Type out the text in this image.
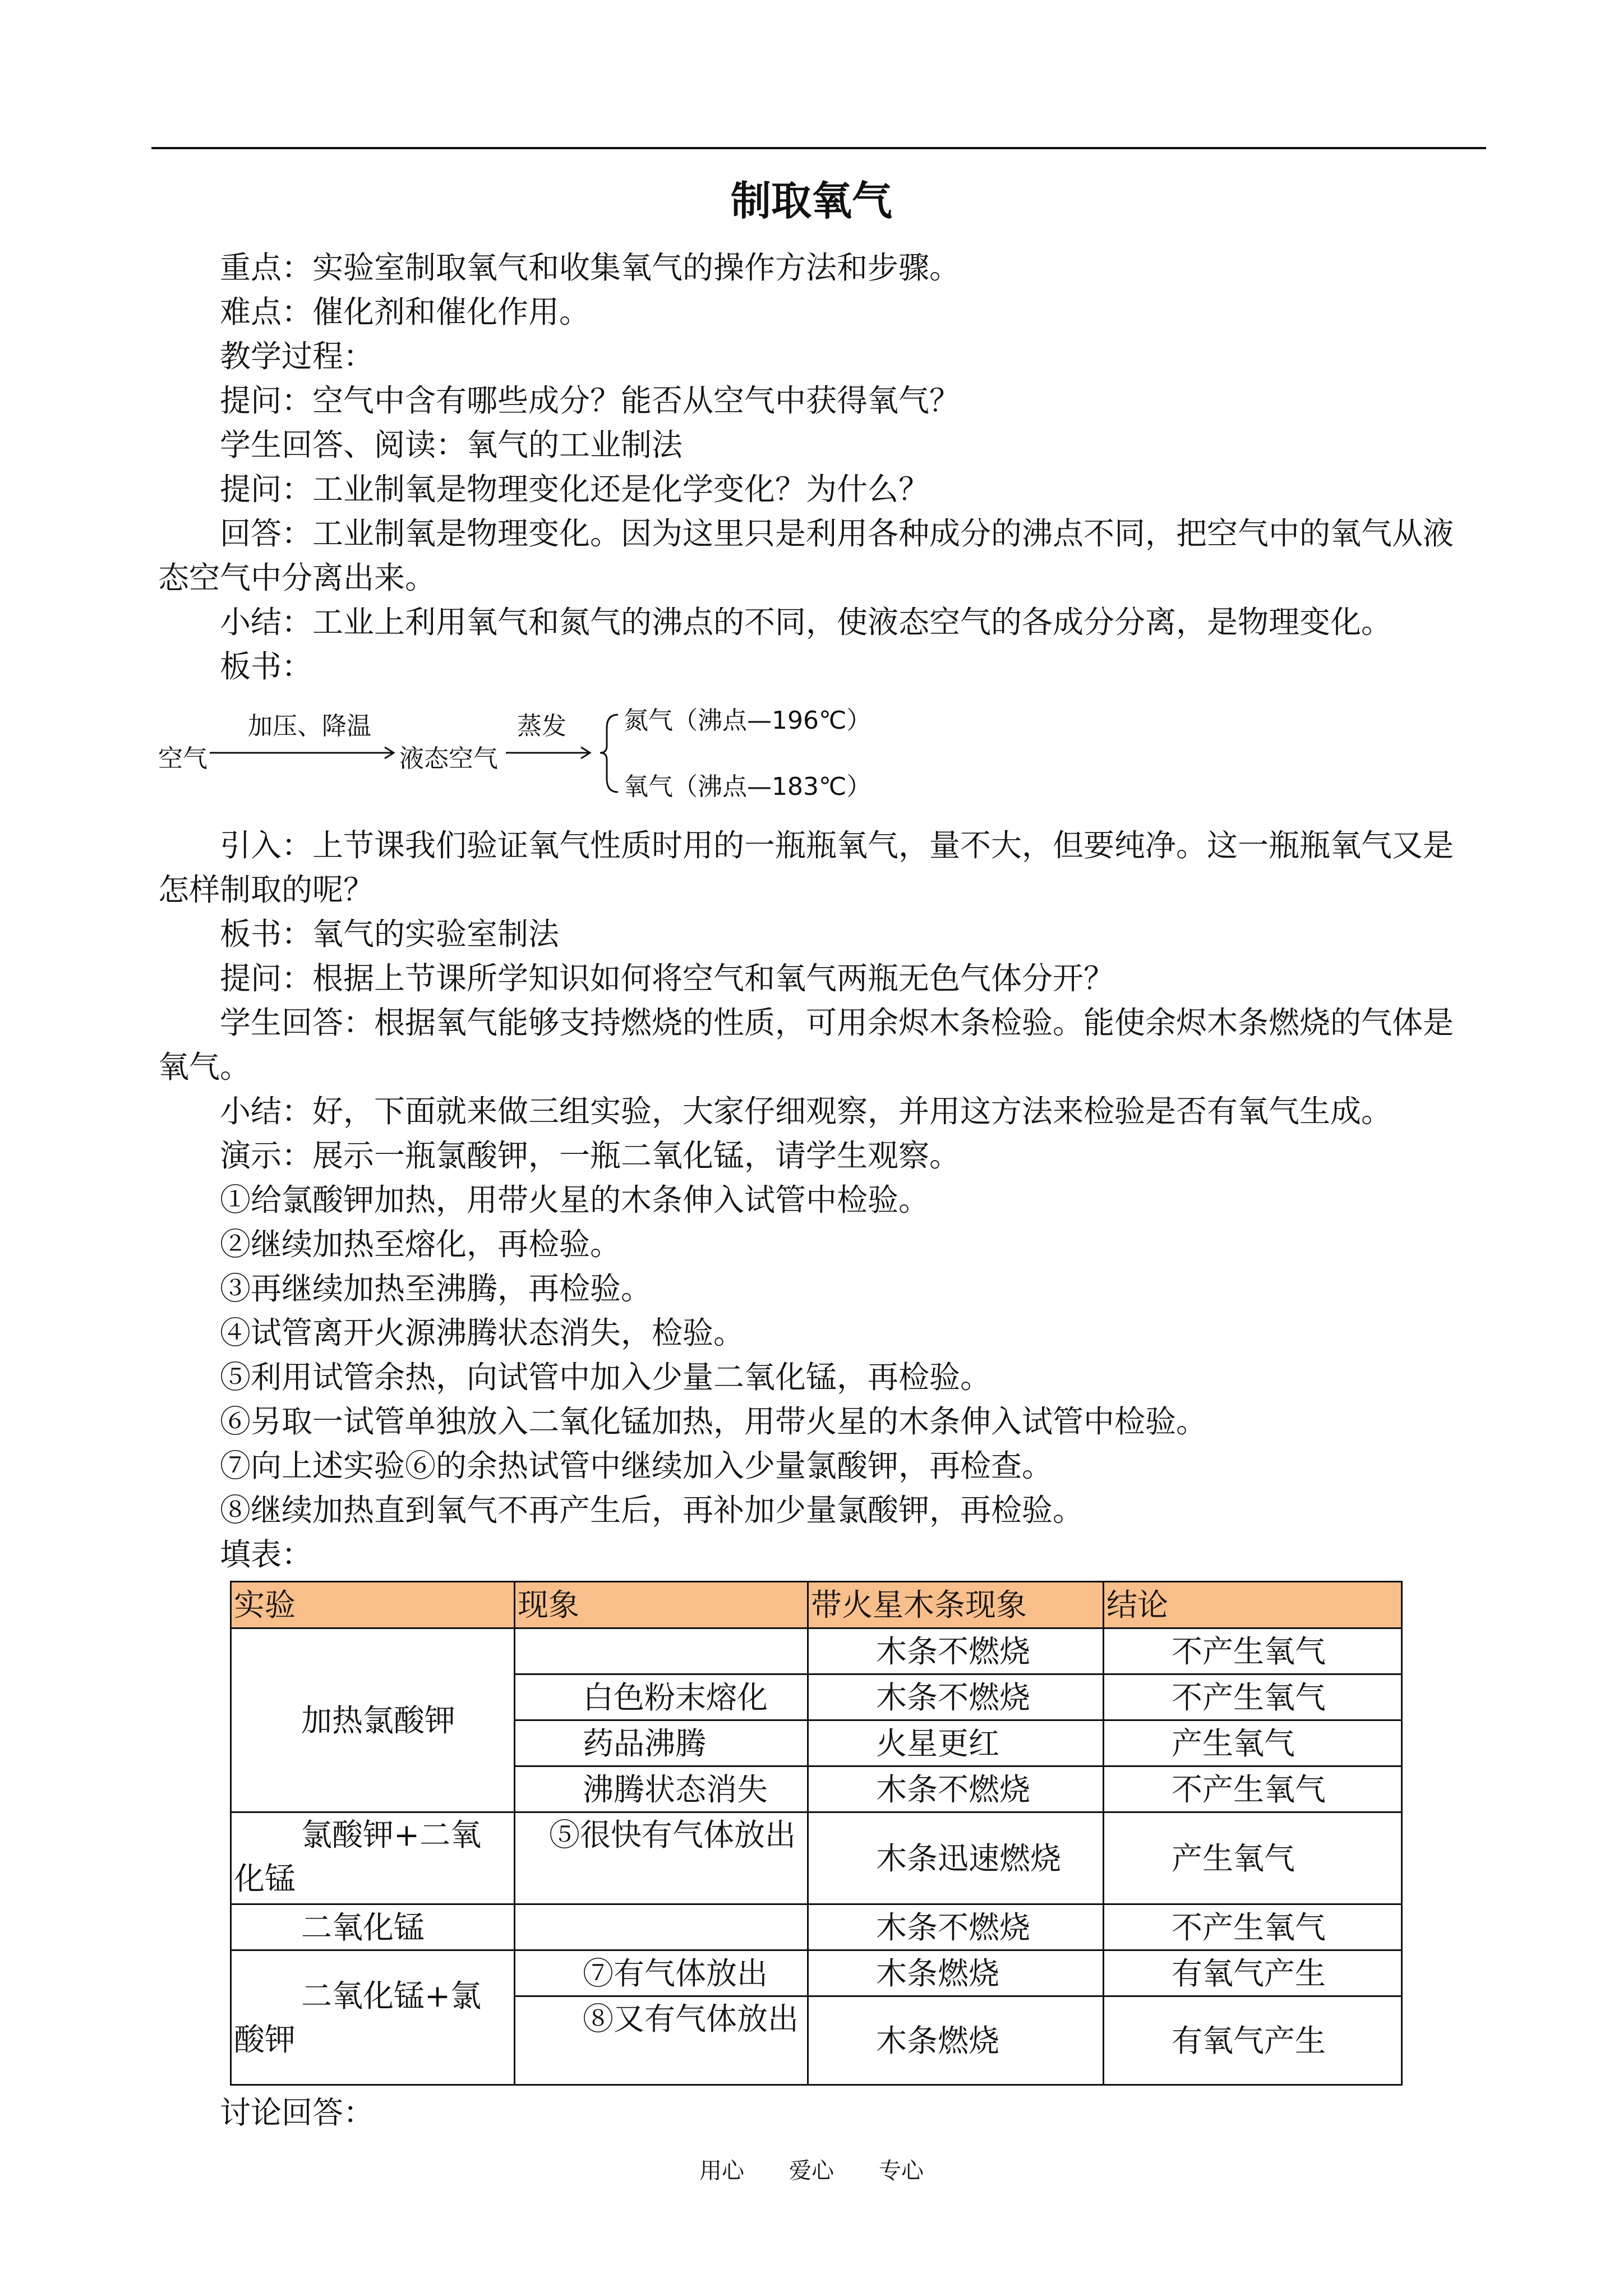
制取氧气

重点：实验室制取氧气和收集氧气的操作方法和步骤。

难点：催化剂和催化作用。

教学过程：

提问：空气中含有哪些成分？能否从空气中获得氧气？

学生回答、阅读：氧气的工业制法

提问：工业制氧是物理变化还是化学变化？为什么？

回答：工业制氧是物理变化。因为这里只是利用各种成分的沸点不同，把空气中的氧气从液态空气中分离出来。

小结：工业上利用氧气和氮气的沸点的不同，使液态空气的各成分分离，是物理变化。

板书：

空气
加压、降温
液态空气
蒸发 氮气（沸点—196℃）
氧气（沸点—183℃）

引入：上节课我们验证氧气性质时用的一瓶瓶氧气，量不大，但要纯净。这一瓶瓶氧气又是怎样制取的呢？

板书：氧气的实验室制法

提问：根据上节课所学知识如何将空气和氧气两瓶无色气体分开？

学生回答：根据氧气能够支持燃烧的性质，可用余烬木条检验。能使余烬木条燃烧的气体是氧气。

小结：好，下面就来做三组实验，大家仔细观察，并用这方法来检验是否有氧气生成。

演示：展示一瓶氯酸钾，一瓶二氧化锰，请学生观察。

①给氯酸钾加热，用带火星的木条伸入试管中检验。

②继续加热至熔化，再检验。

③再继续加热至沸腾，再检验。

④试管离开火源沸腾状态消失，检验。

⑤利用试管余热，向试管中加入少量二氧化锰，再检验。

⑥另取一试管单独放入二氧化锰加热，用带火星的木条伸入试管中检验。

⑦向上述实验⑥的余热试管中继续加入少量氯酸钾，再检查。

⑧继续加热直到氧气不再产生后，再补加少量氯酸钾，再检验。

填表：

实验	现象	带火星木条现象	结论
加热氯酸钾		木条不燃烧	不产生氧气
	白色粉末熔化	木条不燃烧	不产生氧气
	药品沸腾	火星更红	产生氧气
	沸腾状态消失	木条不燃烧	不产生氧气
氯酸钾+二氧化锰	⑤很快有气体放出	木条迅速燃烧	产生氧气
二氧化锰		木条不燃烧	不产生氧气
二氧化锰+氯酸钾	⑦有气体放出	木条燃烧	有氧气产生
	⑧又有气体放出	木条燃烧	有氧气产生
讨论回答：
用心　　爱心　　专心
